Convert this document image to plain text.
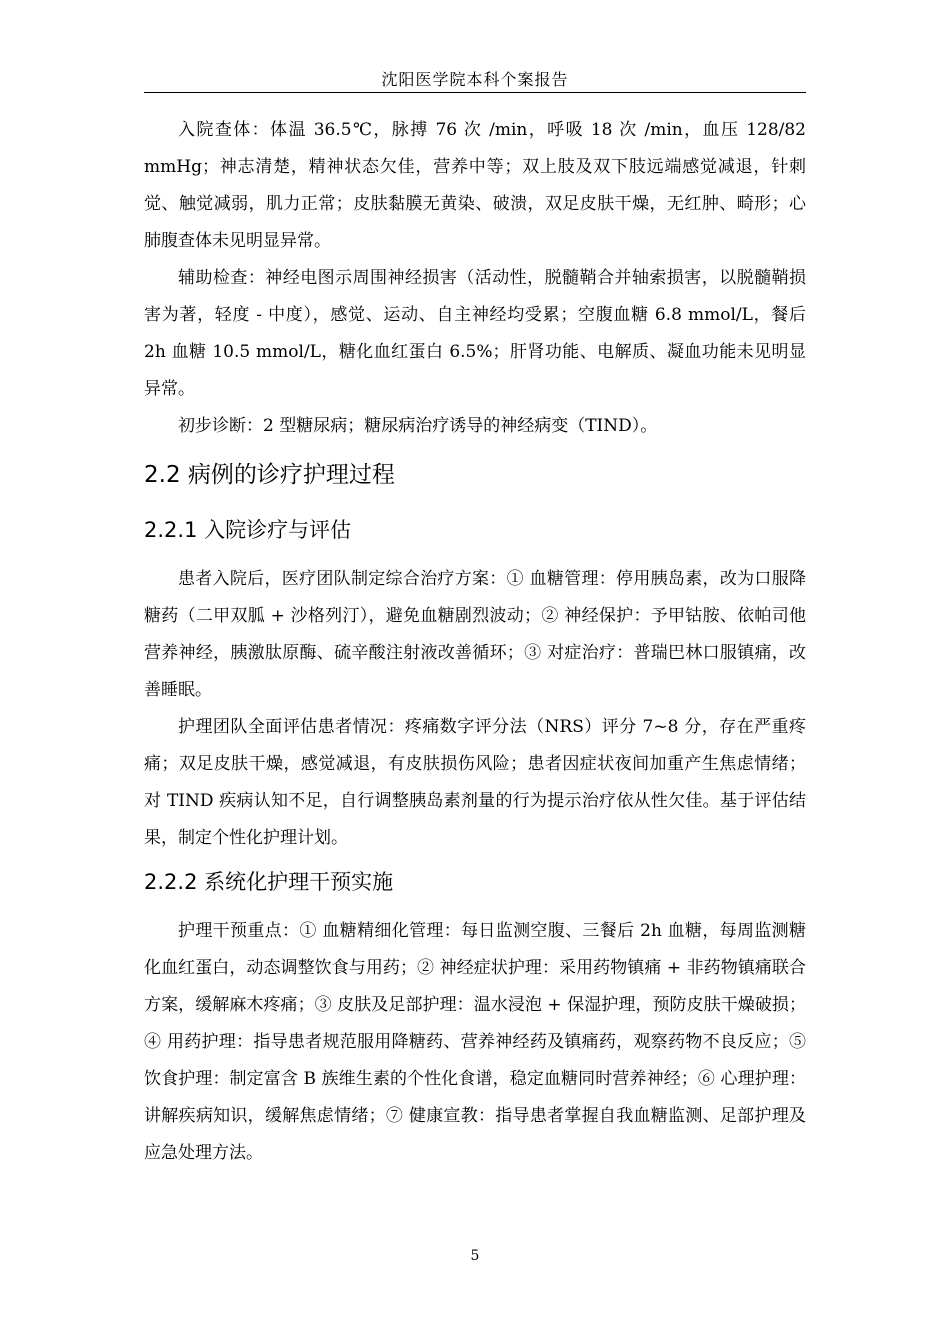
沈阳医学院本科个案报告

入院查体：体温 36.5℃，脉搏 76 次 /min，呼吸 18 次 /min，血压 128/82 mmHg；神志清楚，精神状态欠佳，营养中等；双上肢及双下肢远端感觉减退，针刺觉、触觉减弱，肌力正常；皮肤黏膜无黄染、破溃，双足皮肤干燥，无红肿、畸形；心肺腹查体未见明显异常。

辅助检查：神经电图示周围神经损害（活动性，脱髓鞘合并轴索损害，以脱髓鞘损害为著，轻度 - 中度），感觉、运动、自主神经均受累；空腹血糖 6.8 mmol/L，餐后 2h 血糖 10.5 mmol/L，糖化血红蛋白 6.5%；肝肾功能、电解质、凝血功能未见明显异常。

初步诊断：2 型糖尿病；糖尿病治疗诱导的神经病变（TIND）。

2.2 病例的诊疗护理过程
2.2.1 入院诊疗与评估

患者入院后，医疗团队制定综合治疗方案：① 血糖管理：停用胰岛素，改为口服降糖药（二甲双胍 + 沙格列汀），避免血糖剧烈波动；② 神经保护：予甲钴胺、依帕司他营养神经，胰激肽原酶、硫辛酸注射液改善循环；③ 对症治疗：普瑞巴林口服镇痛，改善睡眠。

护理团队全面评估患者情况：疼痛数字评分法（NRS）评分 7~8 分，存在严重疼痛；双足皮肤干燥，感觉减退，有皮肤损伤风险；患者因症状夜间加重产生焦虑情绪；对 TIND 疾病认知不足，自行调整胰岛素剂量的行为提示治疗依从性欠佳。基于评估结果，制定个性化护理计划。

2.2.2 系统化护理干预实施

护理干预重点：① 血糖精细化管理：每日监测空腹、三餐后 2h 血糖，每周监测糖化血红蛋白，动态调整饮食与用药；② 神经症状护理：采用药物镇痛 + 非药物镇痛联合方案，缓解麻木疼痛；③ 皮肤及足部护理：温水浸泡 + 保湿护理，预防皮肤干燥破损；④ 用药护理：指导患者规范服用降糖药、营养神经药及镇痛药，观察药物不良反应；⑤ 饮食护理：制定富含 B 族维生素的个性化食谱，稳定血糖同时营养神经；⑥ 心理护理：讲解疾病知识，缓解焦虑情绪；⑦ 健康宣教：指导患者掌握自我血糖监测、足部护理及应急处理方法。

5
